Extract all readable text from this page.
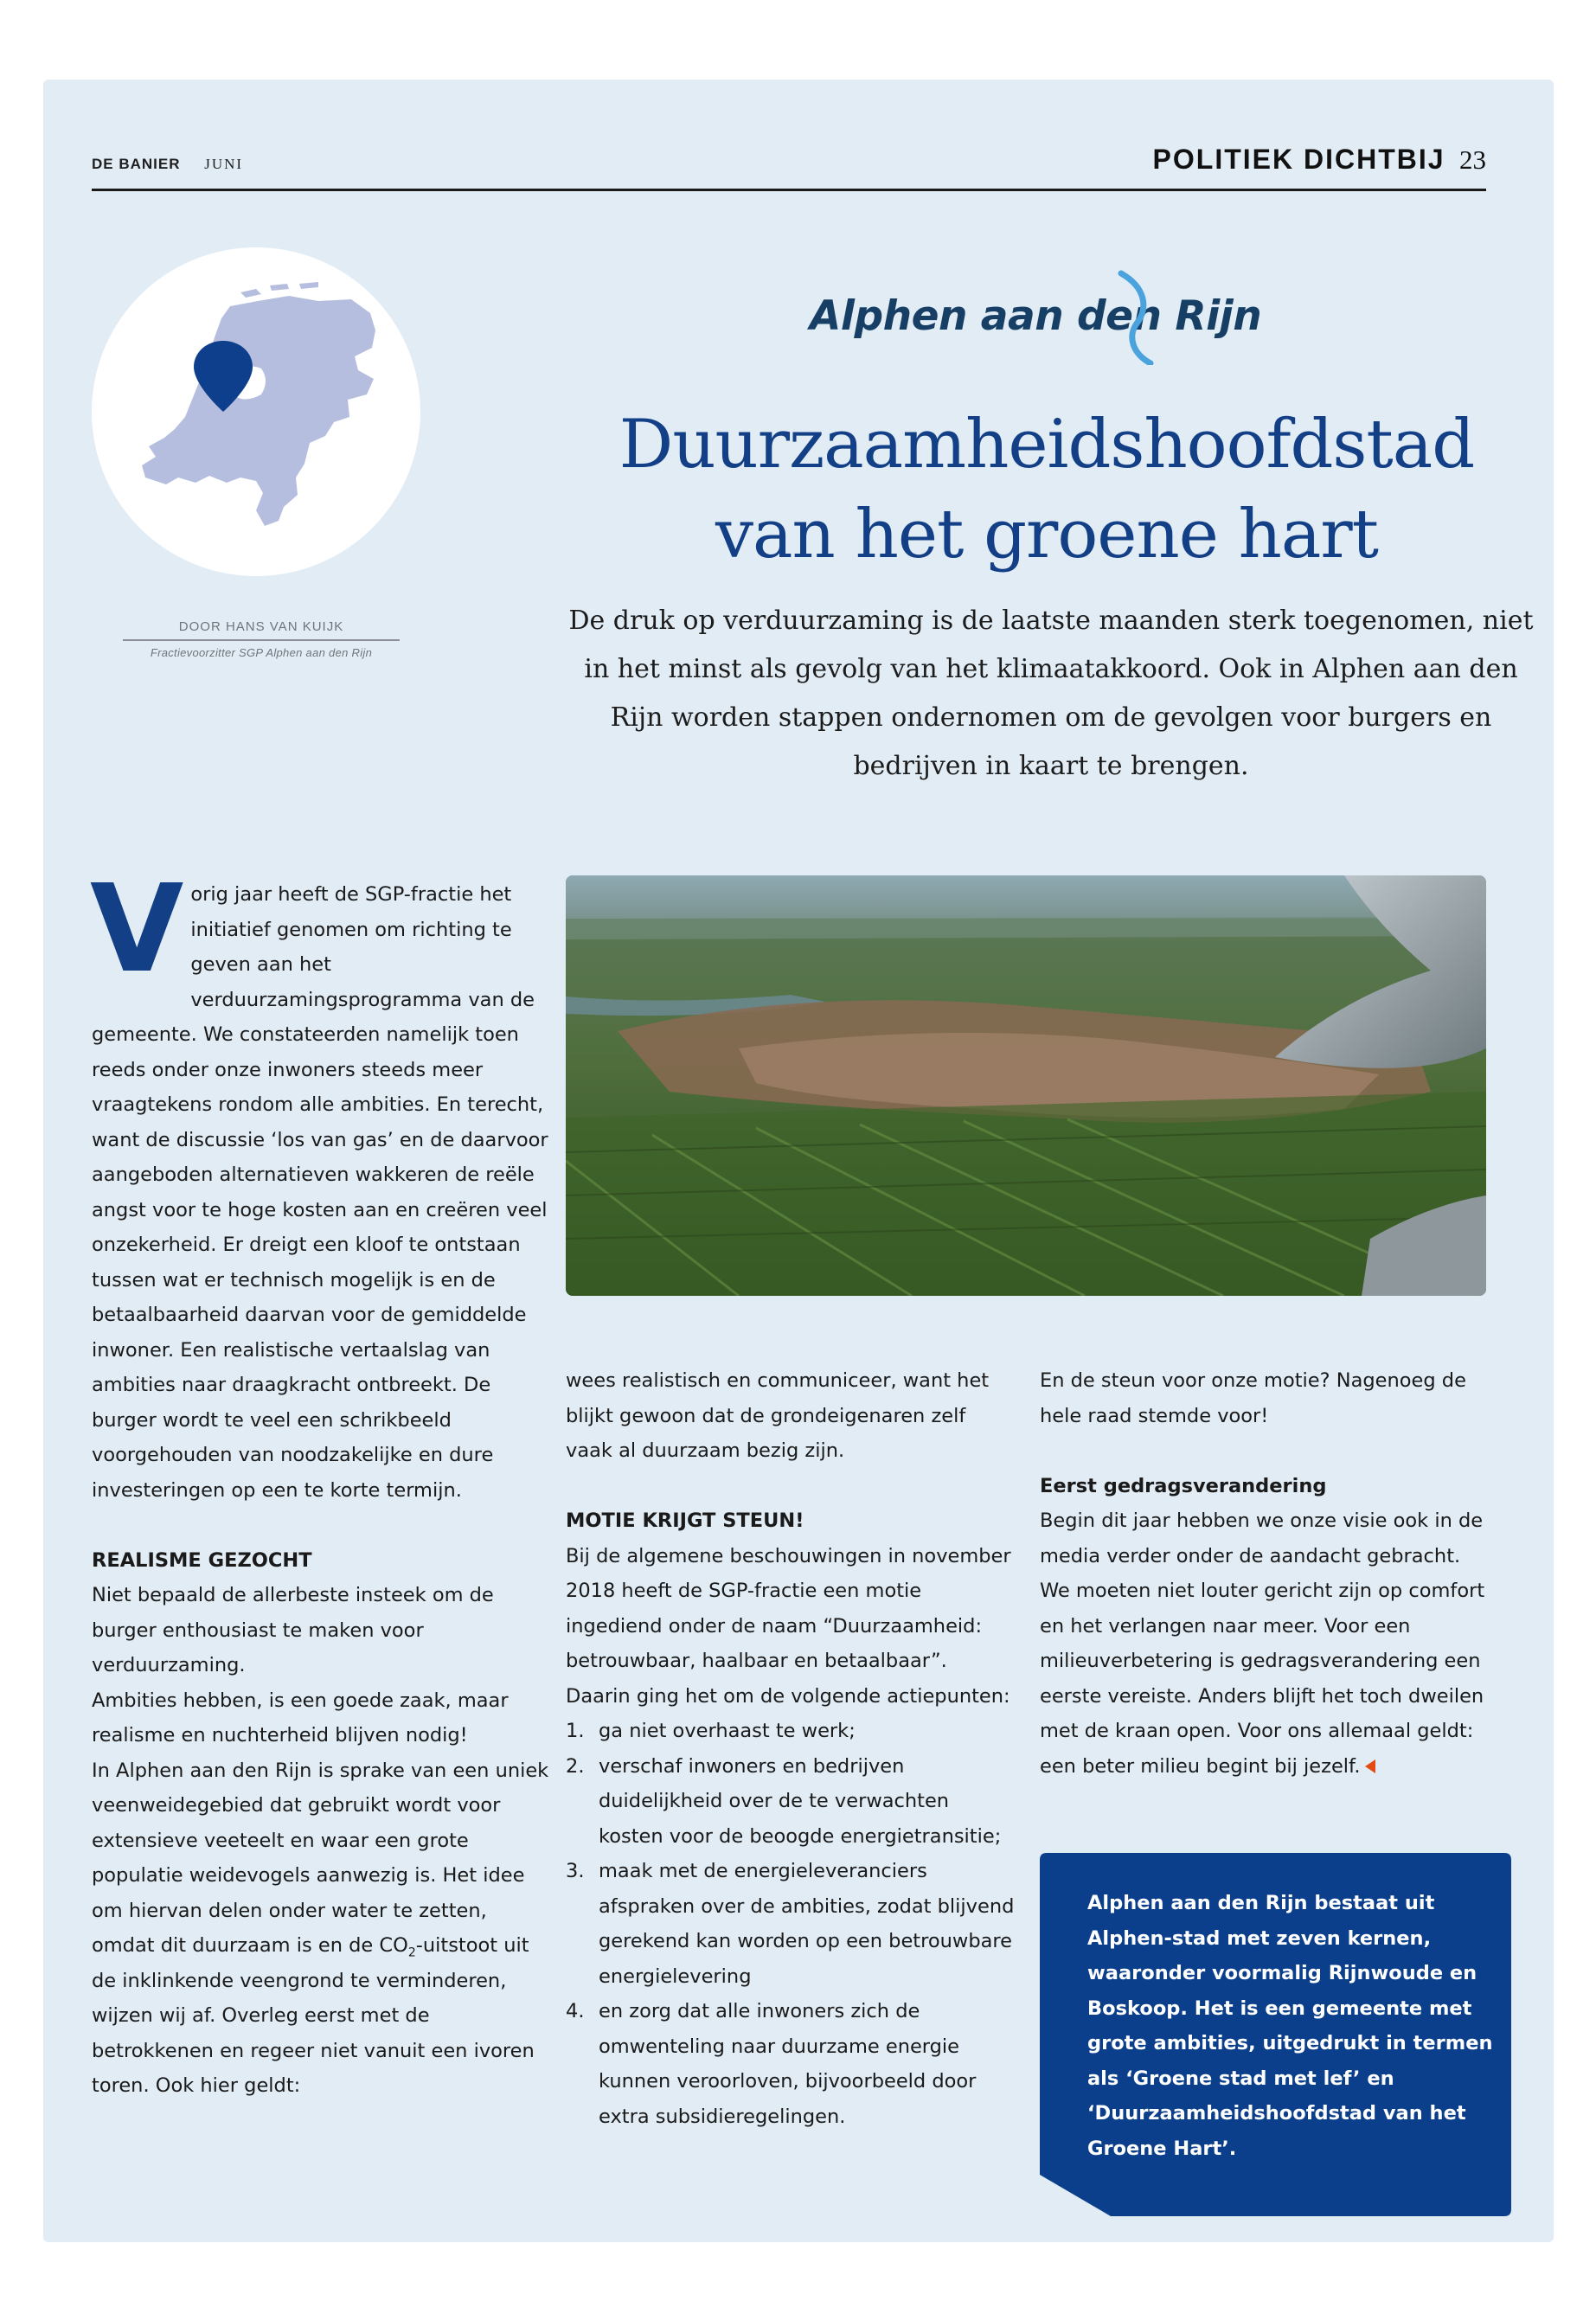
DE BANIER JUNI	POLITIEK DICHTBIJ 23
DOOR HANS VAN KUIJK
Fractievoorzitter SGP Alphen aan den Rijn
Alphen aan den Rijn
Duurzaamheidshoofdstad
van het groene hart
De druk op verduurzaming is de laatste maanden sterk toegenomen, niet in het minst als gevolg van het klimaatakkoord. Ook in Alphen aan den Rijn worden stappen ondernomen om de gevolgen voor burgers en bedrijven in kaart te brengen.

Vorig jaar heeft de SGP-fractie het initiatief genomen om richting te geven aan het verduurzamingsprogramma van de gemeente. We constateerden namelijk toen reeds onder onze inwoners steeds meer vraagtekens rondom alle ambities. En terecht, want de discussie ‘los van gas’ en de daarvoor aangeboden alternatieven wakkeren de reële angst voor te hoge kosten aan en creëren veel onzekerheid. Er dreigt een kloof te ontstaan tussen wat er technisch mogelijk is en de betaalbaarheid daarvan voor de gemiddelde inwoner. Een realistische vertaalslag van ambities naar draagkracht ontbreekt. De burger wordt te veel een schrikbeeld voorgehouden van noodzakelijke en dure investeringen op een te korte termijn.

REALISME GEZOCHT

Niet bepaald de allerbeste insteek om de burger enthousiast te maken voor verduurzaming.

Ambities hebben, is een goede zaak, maar realisme en nuchterheid blijven nodig!

In Alphen aan den Rijn is sprake van een uniek veenweidegebied dat gebruikt wordt voor extensieve veeteelt en waar een grote populatie weidevogels aanwezig is. Het idee om hiervan delen onder water te zetten, omdat dit duurzaam is en de $CO_2$-uitstoot uit de inklinkende veengrond te verminderen, wijzen wij af. Overleg eerst met de betrokkenen en regeer niet vanuit een ivoren toren. Ook hier geldt:

wees realistisch en communiceer, want het blijkt gewoon dat de grondeigenaren zelf vaak al duurzaam bezig zijn.

MOTIE KRIJGT STEUN!

Bij de algemene beschouwingen in november 2018 heeft de SGP-fractie een motie ingediend onder de naam “Duurzaamheid: betrouwbaar, haalbaar en betaalbaar”. Daarin ging het om de volgende actiepunten:

1. ga niet overhaast te werk;
2. verschaf inwoners en bedrijven duidelijkheid over de te verwachten kosten voor de beoogde energietransitie;
3. maak met de energieleveranciers afspraken over de ambities, zodat blijvend gerekend kan worden op een betrouwbare energielevering
4. en zorg dat alle inwoners zich de omwenteling naar duurzame energie kunnen veroorloven, bijvoorbeeld door extra subsidieregelingen.

En de steun voor onze motie? Nagenoeg de hele raad stemde voor!

Eerst gedragsverandering

Begin dit jaar hebben we onze visie ook in de media verder onder de aandacht gebracht. We moeten niet louter gericht zijn op comfort en het verlangen naar meer. Voor een milieuverbetering is gedragsverandering een eerste vereiste. Anders blijft het toch dweilen met de kraan open. Voor ons allemaal geldt: een beter milieu begint bij jezelf.

Alphen aan den Rijn bestaat uit Alphen-stad met zeven kernen, waaronder voormalig Rijnwoude en Boskoop. Het is een gemeente met grote ambities, uitgedrukt in termen als ‘Groene stad met lef’ en ‘Duurzaamheidshoofdstad van het Groene Hart’.
